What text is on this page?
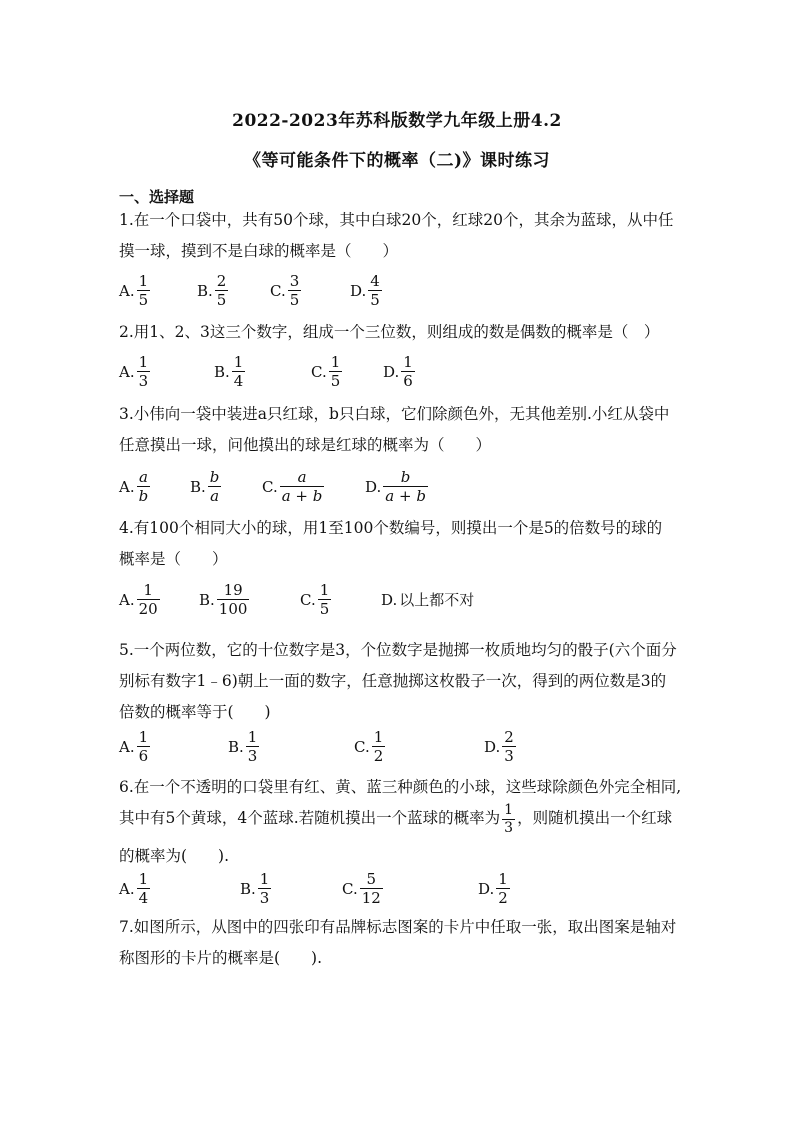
2022-2023年苏科版数学九年级上册4.2
《等可能条件下的概率（二)》课时练习
一、选择题
1.在一个口袋中，共有50个球，其中白球20个，红球20个，其余为蓝球，从中任
摸一球，摸到不是白球的概率是（　　）
A. $\frac{1}{5}$	B. $\frac{2}{5}$	C. $\frac{3}{5}$	D. $\frac{4}{5}$
2.用1、2、3这三个数字，组成一个三位数，则组成的数是偶数的概率是（　）
A. $\frac{1}{3}$	B. $\frac{1}{4}$	C. $\frac{1}{5}$	D. $\frac{1}{6}$
3.小伟向一袋中装进a只红球，b只白球，它们除颜色外，无其他差别.小红从袋中
任意摸出一球，问他摸出的球是红球的概率为（　　）
A. $\frac{a}{b}$	B. $\frac{b}{a}$	C. $\frac{a}{a + b}$	D. $\frac{b}{a + b}$
4.有100个相同大小的球，用1至100个数编号，则摸出一个是5的倍数号的球的
概率是（　　）
A. $\frac{1}{20}$	B. $\frac{19}{100}$	C. $\frac{1}{5}$	D. 以上都不对
5.一个两位数，它的十位数字是3，个位数字是抛掷一枚质地均匀的骰子(六个面分
别标有数字1﹣6)朝上一面的数字，任意抛掷这枚骰子一次，得到的两位数是3的
倍数的概率等于(　　)
A. $\frac{1}{6}$	B. $\frac{1}{3}$	C. $\frac{1}{2}$	D. $\frac{2}{3}$
6.在一个不透明的口袋里有红、黄、蓝三种颜色的小球，这些球除颜色外完全相同,
其中有5个黄球，4个蓝球.若随机摸出一个蓝球的概率为 $\frac{1}{3}$ ，则随机摸出一个红球
的概率为(　　).
A. $\frac{1}{4}$	B. $\frac{1}{3}$	C. $\frac{5}{12}$	D. $\frac{1}{2}$
7.如图所示，从图中的四张印有品牌标志图案的卡片中任取一张，取出图案是轴对
称图形的卡片的概率是(　　).
